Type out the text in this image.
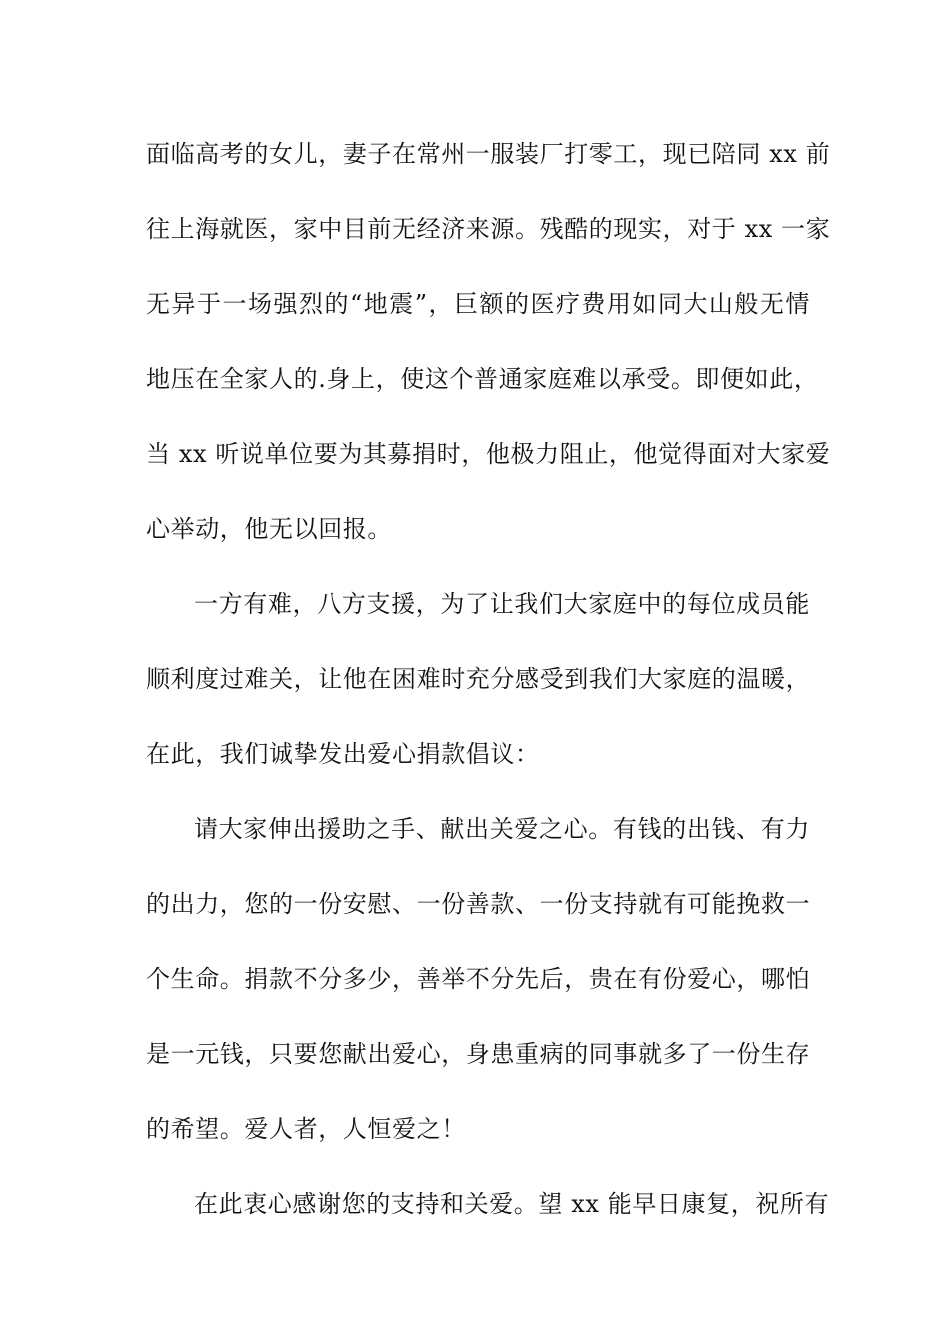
面临高考的女儿，妻子在常州一服装厂打零工，现已陪同 xx 前
往上海就医，家中目前无经济来源。残酷的现实，对于 xx 一家
无异于一场强烈的“地震”，巨额的医疗费用如同大山般无情
地压在全家人的.身上，使这个普通家庭难以承受。即便如此，
当 xx 听说单位要为其募捐时，他极力阻止，他觉得面对大家爱
心举动，他无以回报。
一方有难，八方支援，为了让我们大家庭中的每位成员能
顺利度过难关，让他在困难时充分感受到我们大家庭的温暖，
在此，我们诚挚发出爱心捐款倡议：
请大家伸出援助之手、献出关爱之心。有钱的出钱、有力
的出力，您的一份安慰、一份善款、一份支持就有可能挽救一
个生命。捐款不分多少，善举不分先后，贵在有份爱心，哪怕
是一元钱，只要您献出爱心，身患重病的同事就多了一份生存
的希望。爱人者，人恒爱之！
在此衷心感谢您的支持和关爱。望 xx 能早日康复，祝所有
